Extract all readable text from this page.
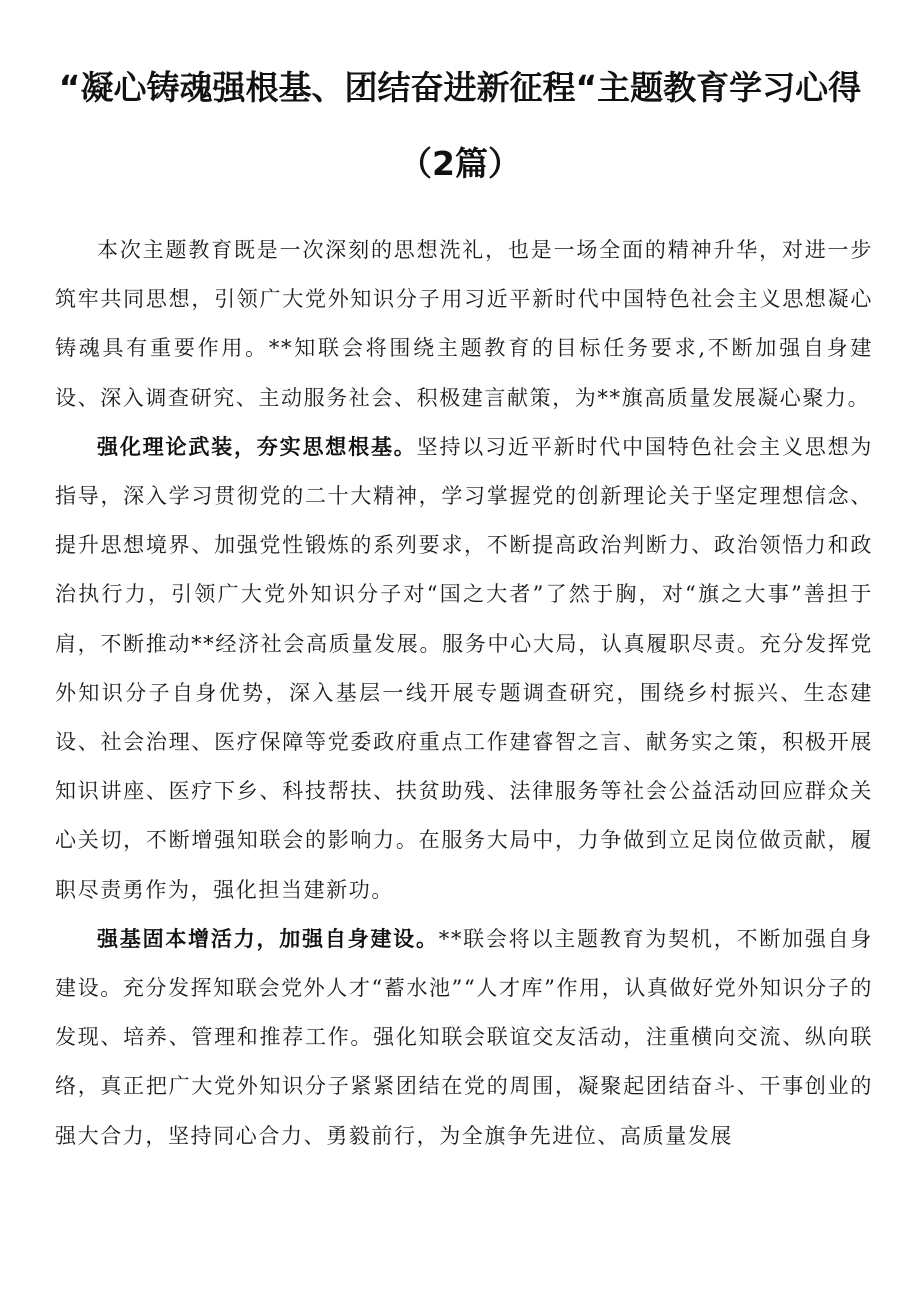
“凝心铸魂强根基、团结奋进新征程“主题教育学习心得
（2篇）

本次主题教育既是一次深刻的思想洗礼，也是一场全面的精神升华，对进一步筑牢共同思想，引领广大党外知识分子用习近平新时代中国特色社会主义思想凝心铸魂具有重要作用。**知联会将围绕主题教育的目标任务要求,不断加强自身建设、深入调查研究、主动服务社会、积极建言献策，为**旗高质量发展凝心聚力。

强化理论武装，夯实思想根基。坚持以习近平新时代中国特色社会主义思想为指导，深入学习贯彻党的二十大精神，学习掌握党的创新理论关于坚定理想信念、提升思想境界、加强党性锻炼的系列要求，不断提高政治判断力、政治领悟力和政治执行力，引领广大党外知识分子对“国之大者”了然于胸，对“旗之大事”善担于肩，不断推动**经济社会高质量发展。服务中心大局，认真履职尽责。充分发挥党外知识分子自身优势，深入基层一线开展专题调查研究，围绕乡村振兴、生态建设、社会治理、医疗保障等党委政府重点工作建睿智之言、献务实之策，积极开展知识讲座、医疗下乡、科技帮扶、扶贫助残、法律服务等社会公益活动回应群众关心关切，不断增强知联会的影响力。在服务大局中，力争做到立足岗位做贡献，履职尽责勇作为，强化担当建新功。

强基固本增活力，加强自身建设。**联会将以主题教育为契机，不断加强自身建设。充分发挥知联会党外人才“蓄水池”“人才库”作用，认真做好党外知识分子的发现、培养、管理和推荐工作。强化知联会联谊交友活动，注重横向交流、纵向联络，真正把广大党外知识分子紧紧团结在党的周围，凝聚起团结奋斗、干事创业的强大合力，坚持同心合力、勇毅前行，为全旗争先进位、高质量发展
